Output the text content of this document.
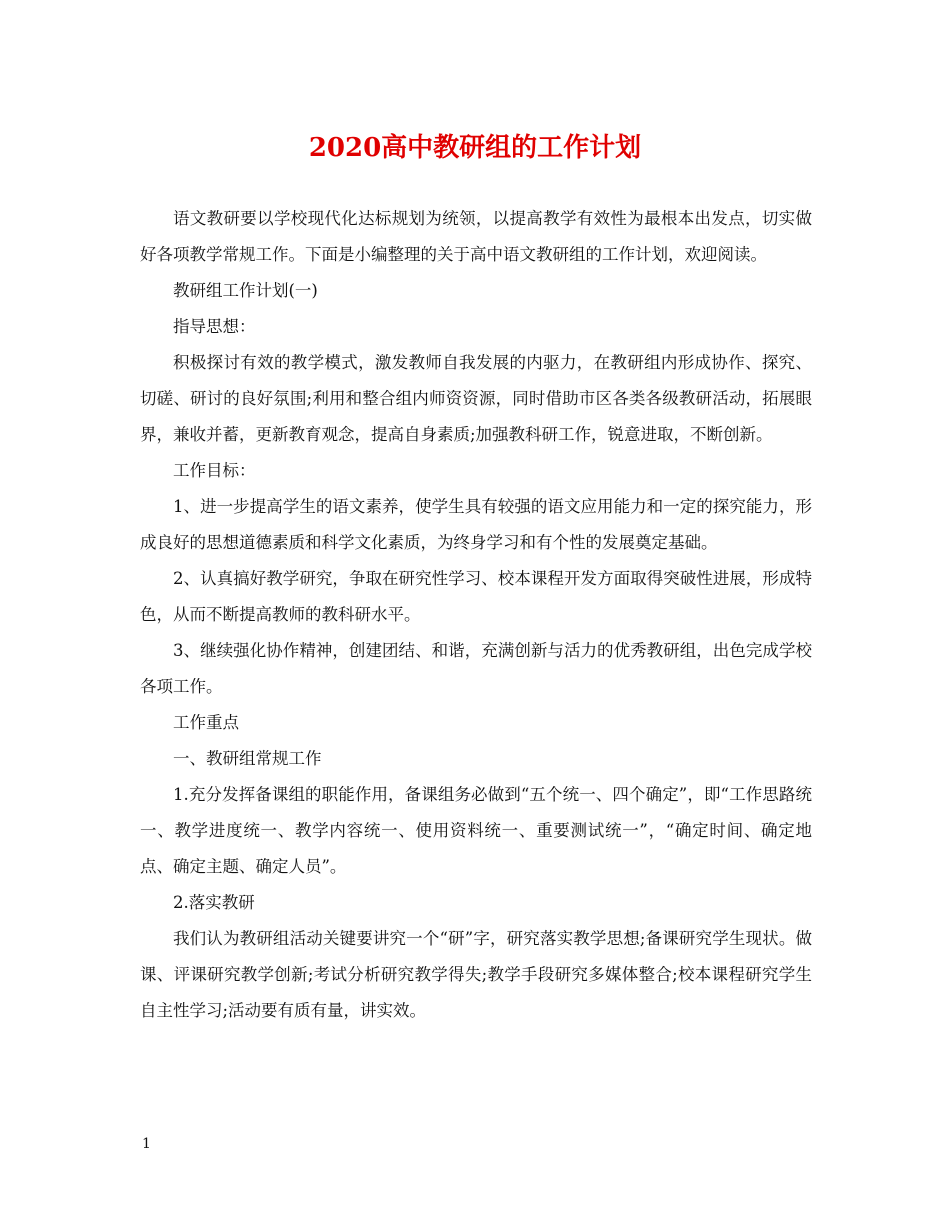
2020高中教研组的工作计划

语文教研要以学校现代化达标规划为统领，以提高教学有效性为最根本出发点，切实做好各项教学常规工作。下面是小编整理的关于高中语文教研组的工作计划，欢迎阅读。

教研组工作计划(一)

指导思想：

积极探讨有效的教学模式，激发教师自我发展的内驱力，在教研组内形成协作、探究、切磋、研讨的良好氛围;利用和整合组内师资资源，同时借助市区各类各级教研活动，拓展眼界，兼收并蓄，更新教育观念，提高自身素质;加强教科研工作，锐意进取，不断创新。

工作目标：

1、进一步提高学生的语文素养，使学生具有较强的语文应用能力和一定的探究能力，形成良好的思想道德素质和科学文化素质，为终身学习和有个性的发展奠定基础。

2、认真搞好教学研究，争取在研究性学习、校本课程开发方面取得突破性进展，形成特色，从而不断提高教师的教科研水平。

3、继续强化协作精神，创建团结、和谐，充满创新与活力的优秀教研组，出色完成学校各项工作。

工作重点

一、教研组常规工作

1.充分发挥备课组的职能作用，备课组务必做到“五个统一、四个确定”，即“工作思路统一、教学进度统一、教学内容统一、使用资料统一、重要测试统一”，“确定时间、确定地点、确定主题、确定人员”。

2.落实教研

我们认为教研组活动关键要讲究一个“研”字，研究落实教学思想;备课研究学生现状。做课、评课研究教学创新;考试分析研究教学得失;教学手段研究多媒体整合;校本课程研究学生自主性学习;活动要有质有量，讲实效。

1
